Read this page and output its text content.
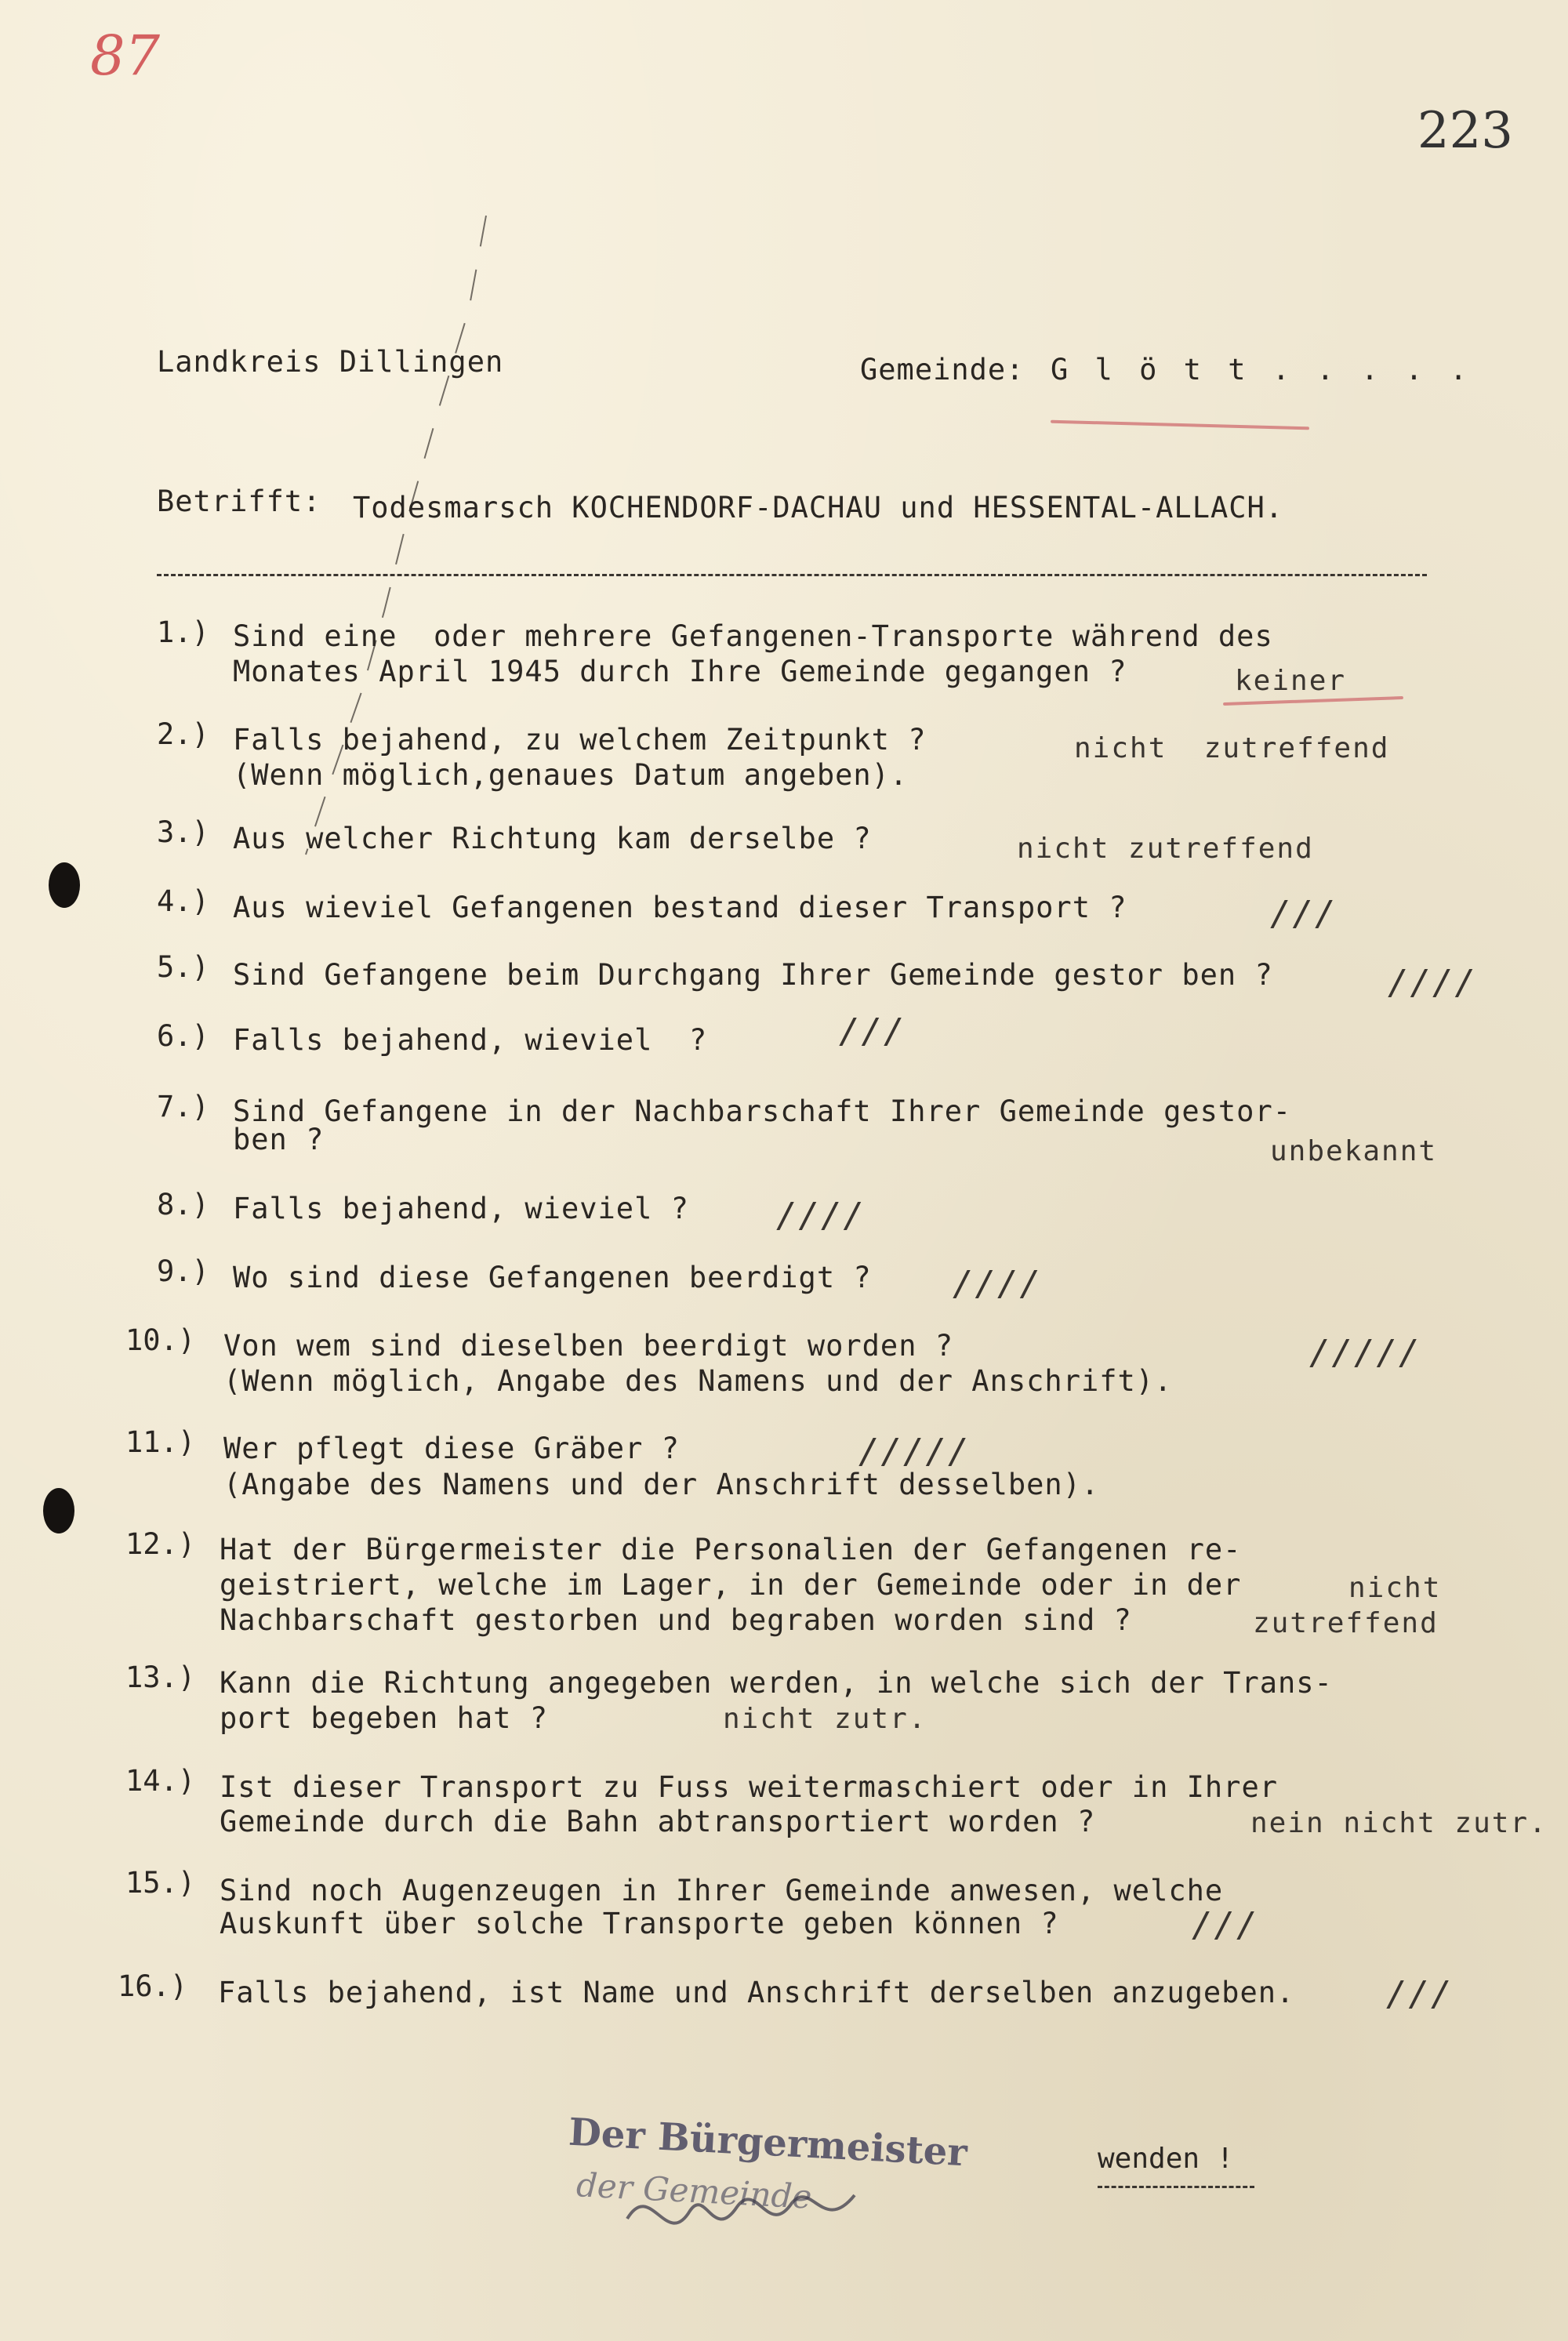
87
223
Landkreis Dillingen	Gemeinde: G l ö t t . . . . .
Betrifft: Todesmarsch KOCHENDORF-DACHAU und HESSENTAL-ALLACH.
1.) Sind eine  oder mehrere Gefangenen-Transporte während des
Monates April 1945 durch Ihre Gemeinde gegangen ?	keiner
2.) Falls bejahend, zu welchem Zeitpunkt ?
(Wenn möglich,genaues Datum angeben).
nicht  zutreffend
3.) Aus welcher Richtung kam derselbe ?	nicht zutreffend
4.) Aus wieviel Gefangenen bestand dieser Transport ?	///
5.) Sind Gefangene beim Durchgang Ihrer Gemeinde gestor ben ?	////
6.) Falls bejahend, wieviel  ?	///
7.) Sind Gefangene in der Nachbarschaft Ihrer Gemeinde gestor-
ben ?	unbekannt
8.) Falls bejahend, wieviel ?	////
9.) Wo sind diese Gefangenen beerdigt ? ////
10.) Von wem sind dieselben beerdigt worden ?
(Wenn möglich, Angabe des Namens und der Anschrift).
/////
11.) Wer pflegt diese Gräber ?
(Angabe des Namens und der Anschrift desselben).
/////
12.) Hat der Bürgermeister die Personalien der Gefangenen re-
geistriert, welche im Lager, in der Gemeinde oder in der
Nachbarschaft gestorben und begraben worden sind ?
nicht
zutreffend
13.) Kann die Richtung angegeben werden, in welche sich der Trans-
port begeben hat ?	nicht zutr.
14.) Ist dieser Transport zu Fuss weitermaschiert oder in Ihrer
Gemeinde durch die Bahn abtransportiert worden ?	nein nicht zutr.
15.) Sind noch Augenzeugen in Ihrer Gemeinde anwesen, welche
Auskunft über solche Transporte geben können ?	///
16.) Falls bejahend, ist Name und Anschrift derselben anzugeben.	///
Der Bürgermeister
der Gemeinde
wenden !
